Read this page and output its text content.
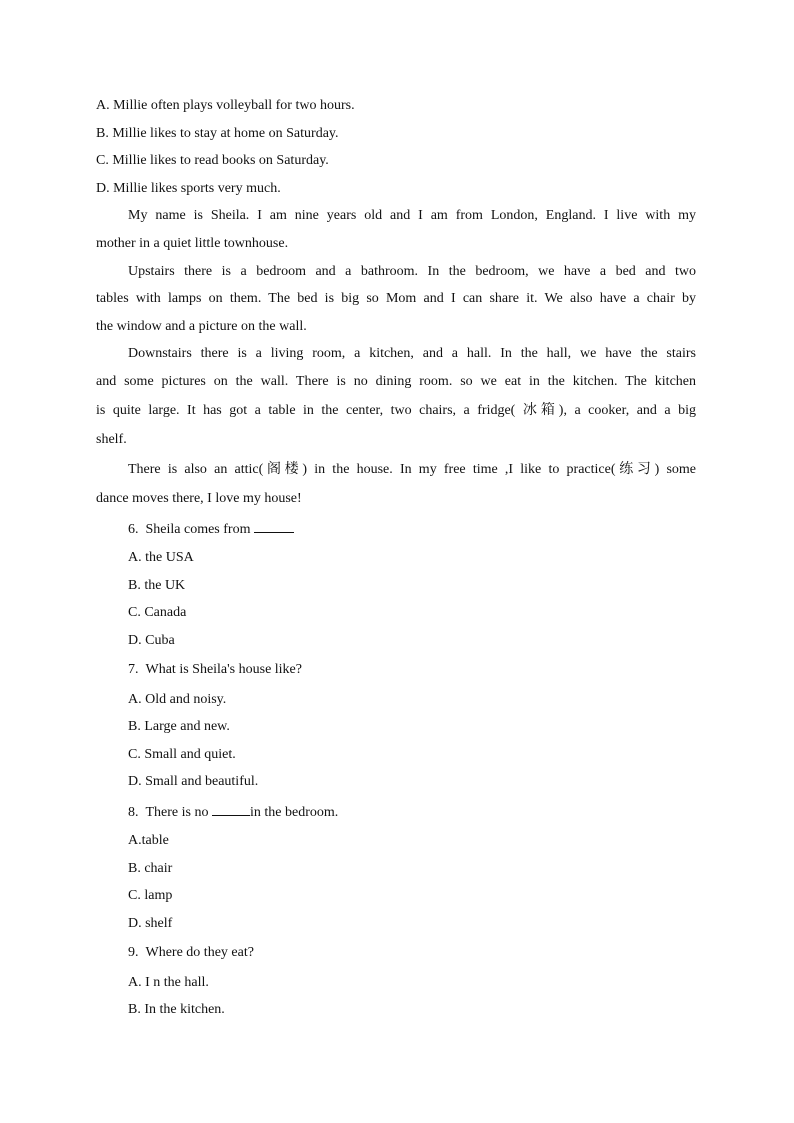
A. Millie often plays volleyball for two hours.
B. Millie likes to stay at home on Saturday.
C. Millie likes to read books on Saturday.
D. Millie likes sports very much.
My name is Sheila. I am nine years old and I am from London, England. I live with my
mother in a quiet little townhouse.
Upstairs there is a bedroom and a bathroom. In the bedroom, we have a bed and two
tables with lamps on them. The bed is big so Mom and I can share it. We also have a chair by
the window and a picture on the wall.
Downstairs there is a living room, a kitchen, and a hall. In the hall, we have the stairs
and some pictures on the wall. There is no dining room. so we eat in the kitchen. The kitchen
is quite large. It has got a table in the center, two chairs, a fridge( 冰箱), a cooker, and a big
shelf.
There is also an attic(阁楼) in the house. In my free time ,I like to practice(练习) some
dance moves there, I love my house!
6. Sheila comes from
A. the USA
B. the UK
C. Canada
D. Cuba
7. What is Sheila's house like?
A. Old and noisy.
B. Large and new.
C. Small and quiet.
D. Small and beautiful.
8. There is no	in the bedroom.
A.table
B. chair
C. lamp
D. shelf
9. Where do they eat?
A. I n the hall.
B. In the kitchen.
